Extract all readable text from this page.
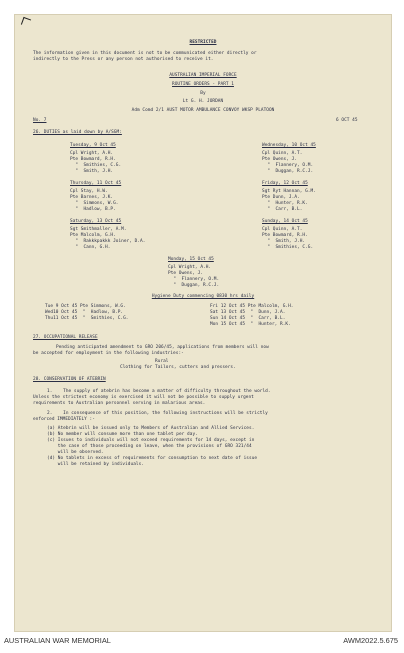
RESTRICTED
The information given in this document is not to be communicated either directly or
indirectly to the Press or any person not authorised to receive it.
AUSTRALIAN IMPERIAL FORCE
ROUTINE ORDERS - PART 1
By
Lt G. H. JORDAN
Adm Comd 2/1 AUST MOTOR AMBULANCE CONVOY WKSP PLATOON
No. 7	6 OCT 45
26. DUTIES as laid down by A/SGM:
Tuesday, 9 Oct 45
Cpl Wright, A.H.
Pte Bowmard, R.H.
"  Smithies, C.G.
"  Smith, J.H.
Thursday, 11 Oct 45
Cpl Stay, H.W.
Pte Barnes, J.K.
"  Simmons, W.G.
"  Hadlow, B.P.
Saturday, 13 Oct 45
Sgt Smithmaller, A.M.
Pte Malcolm, G.H.
"  Rakkkpakkk Joiner, D.A.
"  Cann, G.H.
Wednesday, 10 Oct 45
Cpl Quinn, A.T.
Pte Owens, J.
"  Flannery, O.M.
"  Duggan, R.C.J.
Friday, 12 Oct 45
Sgt Ryt Hannan, G.M.
Pte Dunn, J.A.
"  Hunter, R.K.
"  Carr, B.L.
Sunday, 14 Oct 45
Cpl Quinn, A.T.
Pte Bowmard, R.H.
"  Smith, J.H.
"  Smithies, C.G.
Monday, 15 Oct 45
Cpl Wright, A.H.
Pte Owens, J.
"  Flannery, O.M.
"  Duggan, R.C.J.
Hygiene Duty commencing 0830 hrs daily
Tue 9 Oct 45 Pte Simmons, W.G.
Wed10 Oct 45  "  Hadlow, B.P.
Thu11 Oct 45  "  Smithies, C.G.
Fri 12 Oct 45 Pte Malcolm, G.H.
Sat 13 Oct 45  "  Dunn, J.A.
Sun 14 Oct 45  "  Carr, B.L.
Mon 15 Oct 45  "  Hunter, R.K.
27. OCCUPATIONAL RELEASE
Pending anticipated amendment to GRO 206/45, applications from members will now
be accepted for employment in the following industries:-
Rural
Clothing for Tailors, cutters and pressers.
28. CONSERVATION OF ATEBRIN
1.    The supply of atebrin has become a matter of difficulty throughout the world.
Unless the strictest economy is exercised it will not be possible to supply urgent
requirements to Australian personnel serving in malarious areas.
2.    In consequence of this position, the following instructions will be strictly
enforced IMMEDIATELY :-
(a) Atebrin will be issued only to Members of Australian and Allied Services.
(b) No member will consume more than one tablet per day.
(c) Issues to individuals will not exceed requirements for 14 days, except in
the case of those proceeding on leave, when the provisions of GRO 321/44
will be observed.
(d) No tablets in excess of requirements for consumption to next date of issue
will be retained by individuals.
AUSTRALIAN WAR MEMORIAL	AWM2022.5.675
